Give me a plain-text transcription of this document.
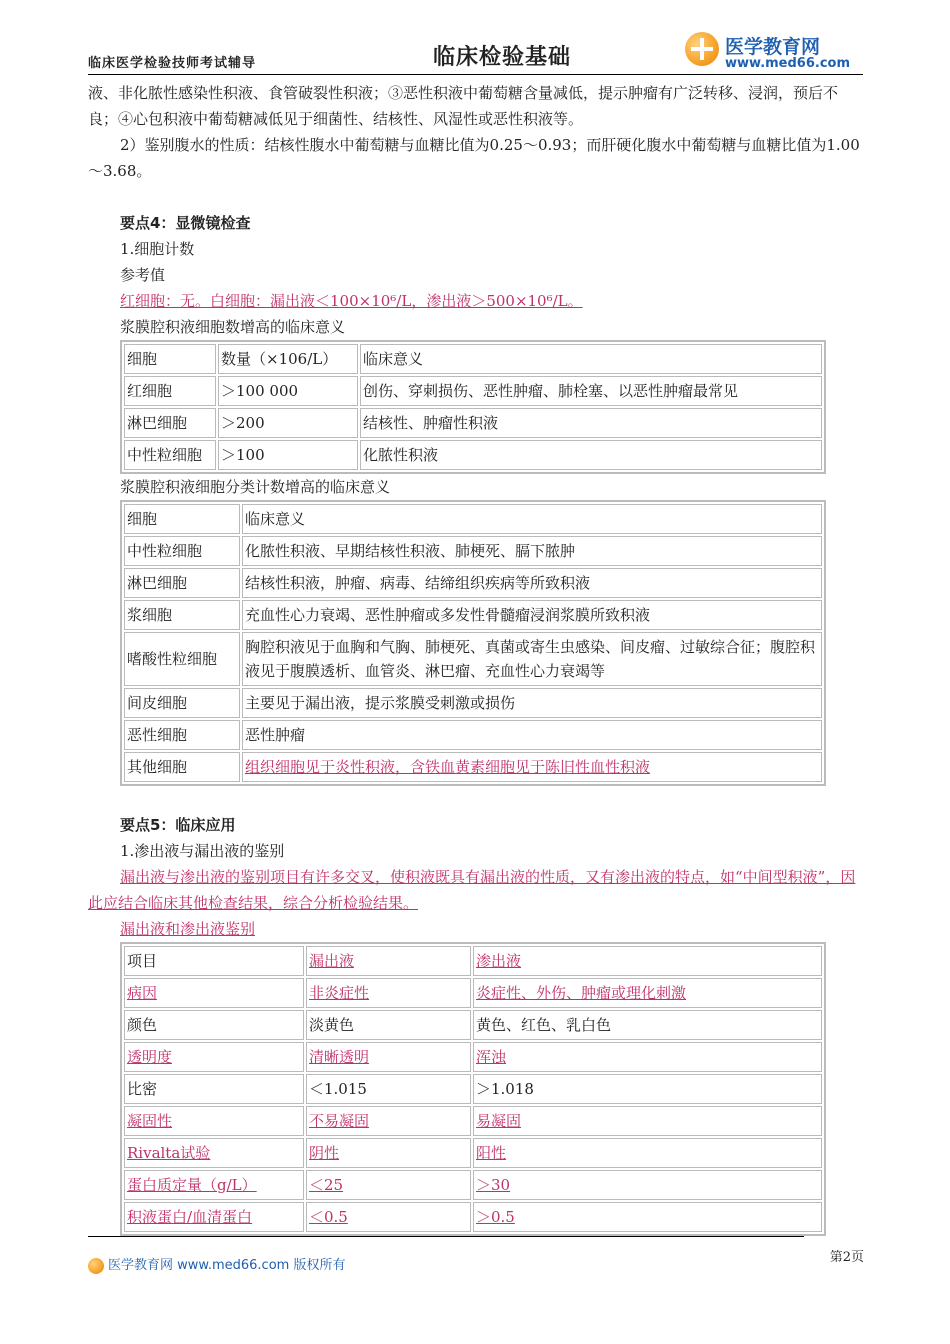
临床医学检验技师考试辅导	临床检验基础	医学教育网
www.med66.com

液、非化脓性感染性积液、食管破裂性积液；③恶性积液中葡萄糖含量减低，提示肿瘤有广泛转移、浸润，预后不良；④心包积液中葡萄糖减低见于细菌性、结核性、风湿性或恶性积液等。

2）鉴别腹水的性质：结核性腹水中葡萄糖与血糖比值为0.25～0.93；而肝硬化腹水中葡萄糖与血糖比值为1.00～3.68。

要点4：显微镜检查

1.细胞计数

参考值

红细胞：无。白细胞：漏出液＜100×10⁶/L，渗出液＞500×10⁶/L。

浆膜腔积液细胞数增高的临床意义

细胞	数量（×106/L）	临床意义
红细胞	＞100 000	创伤、穿刺损伤、恶性肿瘤、肺栓塞、以恶性肿瘤最常见
淋巴细胞	＞200	结核性、肿瘤性积液
中性粒细胞	＞100	化脓性积液

浆膜腔积液细胞分类计数增高的临床意义

细胞	临床意义
中性粒细胞	化脓性积液、早期结核性积液、肺梗死、膈下脓肿
淋巴细胞	结核性积液，肿瘤、病毒、结缔组织疾病等所致积液
浆细胞	充血性心力衰竭、恶性肿瘤或多发性骨髓瘤浸润浆膜所致积液
嗜酸性粒细胞	胸腔积液见于血胸和气胸、肺梗死、真菌或寄生虫感染、间皮瘤、过敏综合征；腹腔积液见于腹膜透析、血管炎、淋巴瘤、充血性心力衰竭等
间皮细胞	主要见于漏出液，提示浆膜受刺激或损伤
恶性细胞	恶性肿瘤
其他细胞	组织细胞见于炎性积液，含铁血黄素细胞见于陈旧性血性积液

要点5：临床应用

1.渗出液与漏出液的鉴别

漏出液与渗出液的鉴别项目有许多交叉，使积液既具有漏出液的性质，又有渗出液的特点，如“中间型积液”，因此应结合临床其他检查结果，综合分析检验结果。

漏出液和渗出液鉴别

项目	漏出液	渗出液
病因	非炎症性	炎症性、外伤、肿瘤或理化刺激
颜色	淡黄色	黄色、红色、乳白色
透明度	清晰透明	浑浊
比密	＜1.015	＞1.018
凝固性	不易凝固	易凝固
Rivalta试验	阴性	阳性
蛋白质定量（g/L）	＜25	＞30
积液蛋白/血清蛋白	＜0.5	＞0.5
第2页
医学教育网 www.med66.com 版权所有
